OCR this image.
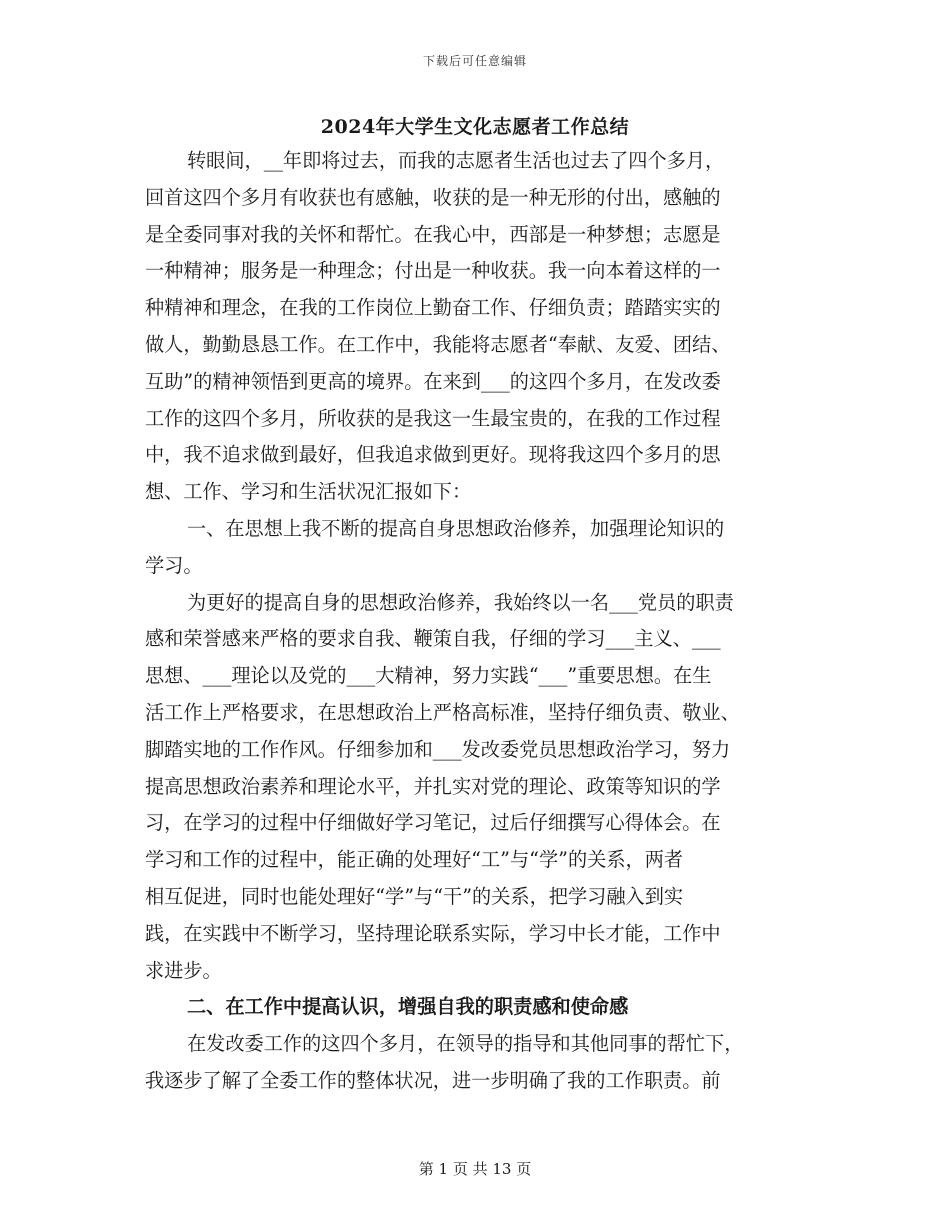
下载后可任意编辑
2024年大学生文化志愿者工作总结
转眼间，__年即将过去，而我的志愿者生活也过去了四个多月，
回首这四个多月有收获也有感触，收获的是一种无形的付出，感触的
是全委同事对我的关怀和帮忙。在我心中，西部是一种梦想；志愿是
一种精神；服务是一种理念；付出是一种收获。我一向本着这样的一
种精神和理念，在我的工作岗位上勤奋工作、仔细负责；踏踏实实的
做人，勤勤恳恳工作。在工作中，我能将志愿者“奉献、友爱、团结、
互助”的精神领悟到更高的境界。在来到___的这四个多月，在发改委
工作的这四个多月，所收获的是我这一生最宝贵的，在我的工作过程
中，我不追求做到最好，但我追求做到更好。现将我这四个多月的思
想、工作、学习和生活状况汇报如下：
一、在思想上我不断的提高自身思想政治修养，加强理论知识的
学习。
为更好的提高自身的思想政治修养，我始终以一名___党员的职责
感和荣誉感来严格的要求自我、鞭策自我，仔细的学习___主义、___
思想、___理论以及党的___大精神，努力实践“___”重要思想。在生
活工作上严格要求，在思想政治上严格高标准，坚持仔细负责、敬业、
脚踏实地的工作作风。仔细参加和___发改委党员思想政治学习，努力
提高思想政治素养和理论水平，并扎实对党的理论、政策等知识的学
习，在学习的过程中仔细做好学习笔记，过后仔细撰写心得体会。在
学习和工作的过程中，能正确的处理好“工”与“学”的关系，两者
相互促进，同时也能处理好“学”与“干”的关系，把学习融入到实
践，在实践中不断学习，坚持理论联系实际，学习中长才能，工作中
求进步。
二、在工作中提高认识，增强自我的职责感和使命感
在发改委工作的这四个多月，在领导的指导和其他同事的帮忙下，
我逐步了解了全委工作的整体状况，进一步明确了我的工作职责。前
第 1 页 共 13 页
